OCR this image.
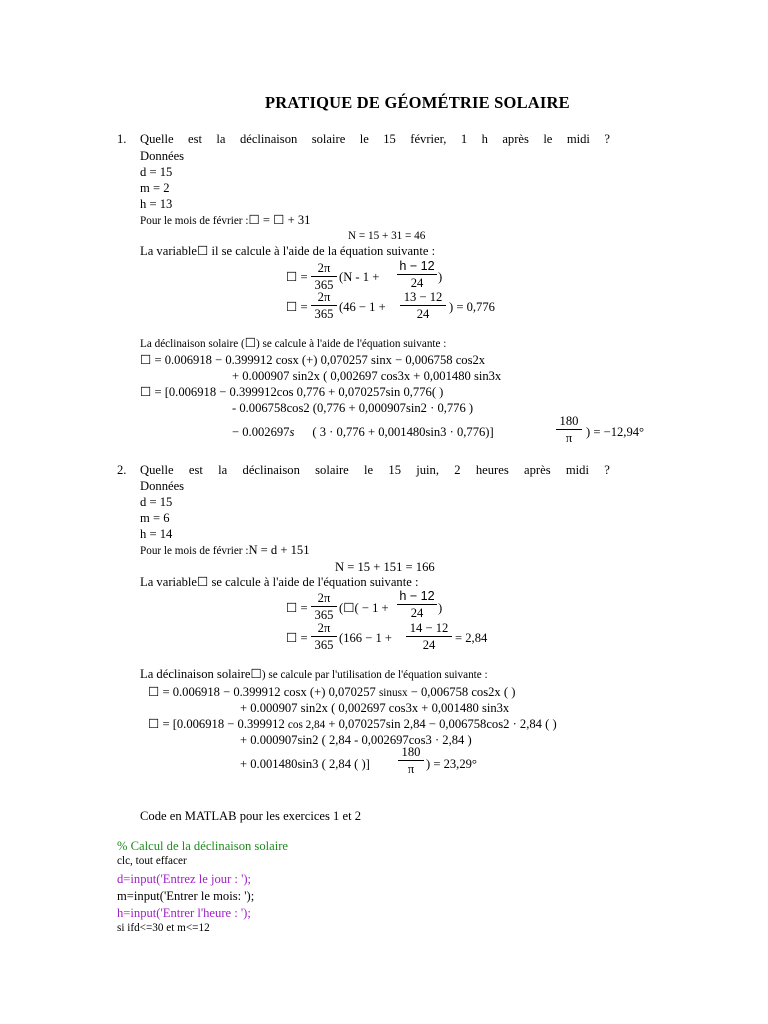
PRATIQUE DE GÉOMÉTRIE SOLAIRE
1. Quelle est la déclinaison solaire le 15 février, 1 h après le midi ?
Données
d = 15
m = 2
h = 13
Pour le mois de février :☐ = ☐ + 31
N = 15 + 31 = 46
La variable☐ il se calcule à l'aide de la équation suivante :
☐ = $\frac{2\pi}{365} (N - 1 + \frac{h - 12}{24}$ )
☐ = $\frac{2\pi}{365} (46 - 1 + \frac{13 - 12}{24}$ ) = 0,776
La déclinaison solaire (☐) se calcule à l'aide de l'équation suivante :
☐ = 0.006918 − 0.399912 cosx (+) 0,070257 sinx − 0,006758 cos2x
+ 0.000907 sin2x ( 0,002697 cos3x + 0,001480 sin3x
☐ = [0.006918 − 0.399912cos 0,776 + 0,070257sin 0,776( )
- 0.006758cos2 (0,776 + 0,000907sin2 · 0,776 )
− 0.002697s ( 3 · 0,776 + 0,001480sin3 · 0,776)]	$\frac{180}{\pi}$ ) = −12,94°
2. Quelle est la déclinaison solaire le 15 juin, 2 heures après midi ?
Données
d = 15
m = 6
h = 14
Pour le mois de février :N = d + 151
N = 15 + 151 = 166
La variable☐ se calcule à l'aide de l'équation suivante :
☐ = $\frac{2\pi}{365}$ (☐( − $1 + \frac{h - 12}{24}$ )
☐ = $\frac{2\pi}{365} (166 - 1 + \frac{14 - 12}{24} = 2,84$
La déclinaison solaire☐) se calcule par l'utilisation de l'équation suivante :
☐ = 0.006918 − 0.399912 cosx (+) 0,070257 sinusx − 0,006758 cos2x ( )
+ 0.000907 sin2x ( 0,002697 cos3x + 0,001480 sin3x
☐ = [0.006918 − 0.399912 cos 2,84 + 0,070257sin 2,84 − 0,006758cos2 · 2,84 ( )
+ 0.000907sin2 ( 2,84 - 0,002697cos3 · 2,84 )
+ 0.001480sin3 ( 2,84 ( )] $\frac{180}{\pi}$ ) = 23,29°
Code en MATLAB pour les exercices 1 et 2
% Calcul de la déclinaison solaire
clc, tout effacer
d=input('Entrez le jour : ');
m=input('Entrer le mois: ');
h=input('Entrer l'heure : ');
si ifd<=30 et m<=12
